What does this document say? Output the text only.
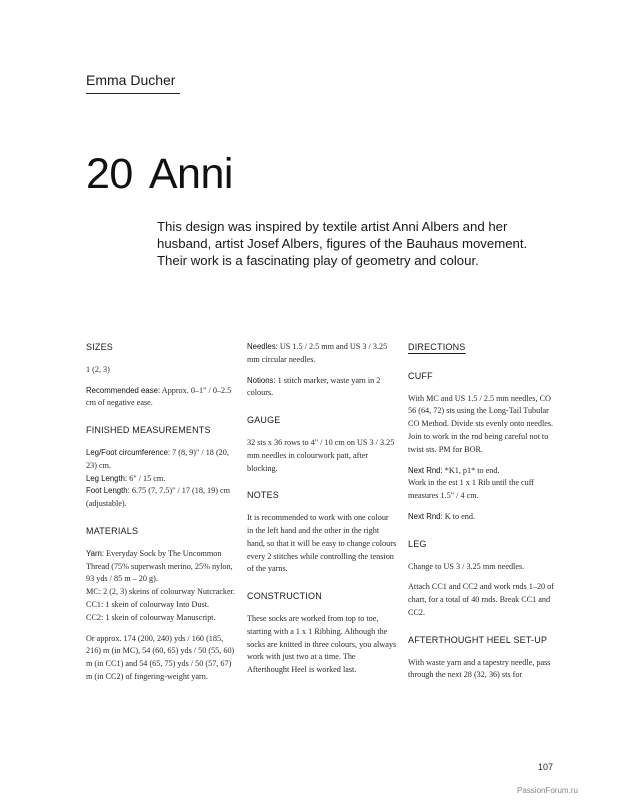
Emma Ducher
20 Anni
This design was inspired by textile artist Anni Albers and her husband, artist Josef Albers, figures of the Bauhaus movement. Their work is a fascinating play of geometry and colour.
SIZES
1 (2, 3)
Recommended ease: Approx. 0–1" / 0–2.5 cm of negative ease.
FINISHED MEASUREMENTS
Leg/Foot circumference: 7 (8, 9)" / 18 (20, 23) cm.
Leg Length: 6" / 15 cm.
Foot Length: 6.75 (7, 7.5)" / 17 (18, 19) cm (adjustable).
MATERIALS
Yarn: Everyday Sock by The Uncommon Thread (75% superwash merino, 25% nylon, 93 yds / 85 m – 20 g).
MC: 2 (2, 3) skeins of colourway Nutcracker.
CC1: 1 skein of colourway Into Dust.
CC2: 1 skein of colourway Manuscript.
Or approx. 174 (200, 240) yds / 160 (185, 216) m (in MC), 54 (60, 65) yds / 50 (55, 60) m (in CC1) and 54 (65, 75) yds / 50 (57, 67) m (in CC2) of fingering-weight yarn.
Needles: US 1.5 / 2.5 mm and US 3 / 3.25 mm circular needles.
Notions: 1 stitch marker, waste yarn in 2 colours.
GAUGE
32 sts x 36 rows to 4" / 10 cm on US 3 / 3.25 mm needles in colourwork patt, after blocking.
NOTES
It is recommended to work with one colour in the left hand and the other in the right hand, so that it will be easy to change colours every 2 stitches while controlling the tension of the yarns.
CONSTRUCTION
These socks are worked from top to toe, starting with a 1 x 1 Ribbing. Although the socks are knitted in three colours, you always work with just two at a time. The Afterthought Heel is worked last.
DIRECTIONS
CUFF
With MC and US 1.5 / 2.5 mm needles, CO 56 (64, 72) sts using the Long-Tail Tubular CO Method. Divide sts evenly onto needles. Join to work in the rnd being careful not to twist sts. PM for BOR.
Next Rnd: *K1, p1* to end.
Work in the est 1 x 1 Rib until the cuff measures 1.5" / 4 cm.
Next Rnd: K to end.
LEG
Change to US 3 / 3.25 mm needles.
Attach CC1 and CC2 and work rnds 1–20 of chart, for a total of 40 rnds. Break CC1 and CC2.
AFTERTHOUGHT HEEL SET-UP
With waste yarn and a tapestry needle, pass through the next 28 (32, 36) sts for
107
PassionForum.ru
